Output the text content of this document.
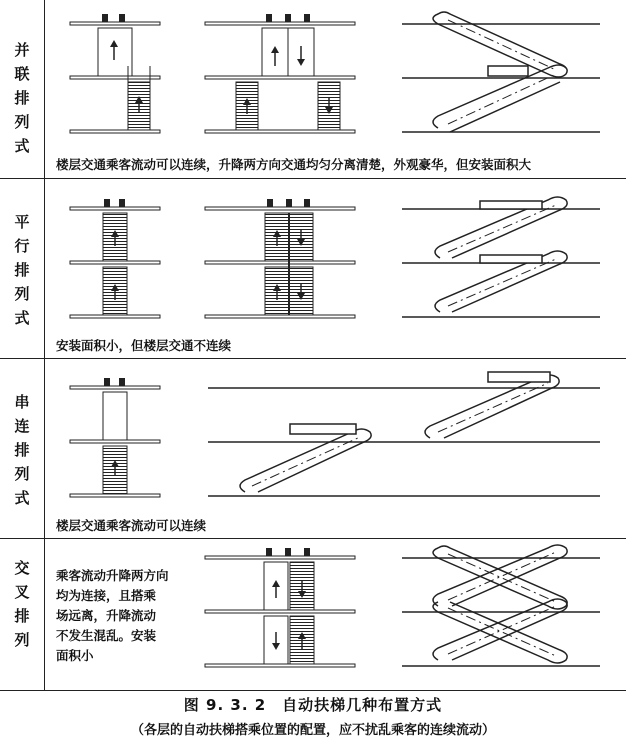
并
联
排
列
式
平
行
排
列
式
串
连
排
列
式
交
叉
排
列
楼层交通乘客流动可以连续，升降两方向交通均匀分离清楚，外观豪华，但安装面积大
安装面积小，但楼层交通不连续
楼层交通乘客流动可以连续
乘客流动升降两方向
均为连接，且搭乘
场远离，升降流动
不发生混乱。安装
面积小
图 9. 3. 2　自动扶梯几种布置方式
（各层的自动扶梯搭乘位置的配置，应不扰乱乘客的连续流动）
